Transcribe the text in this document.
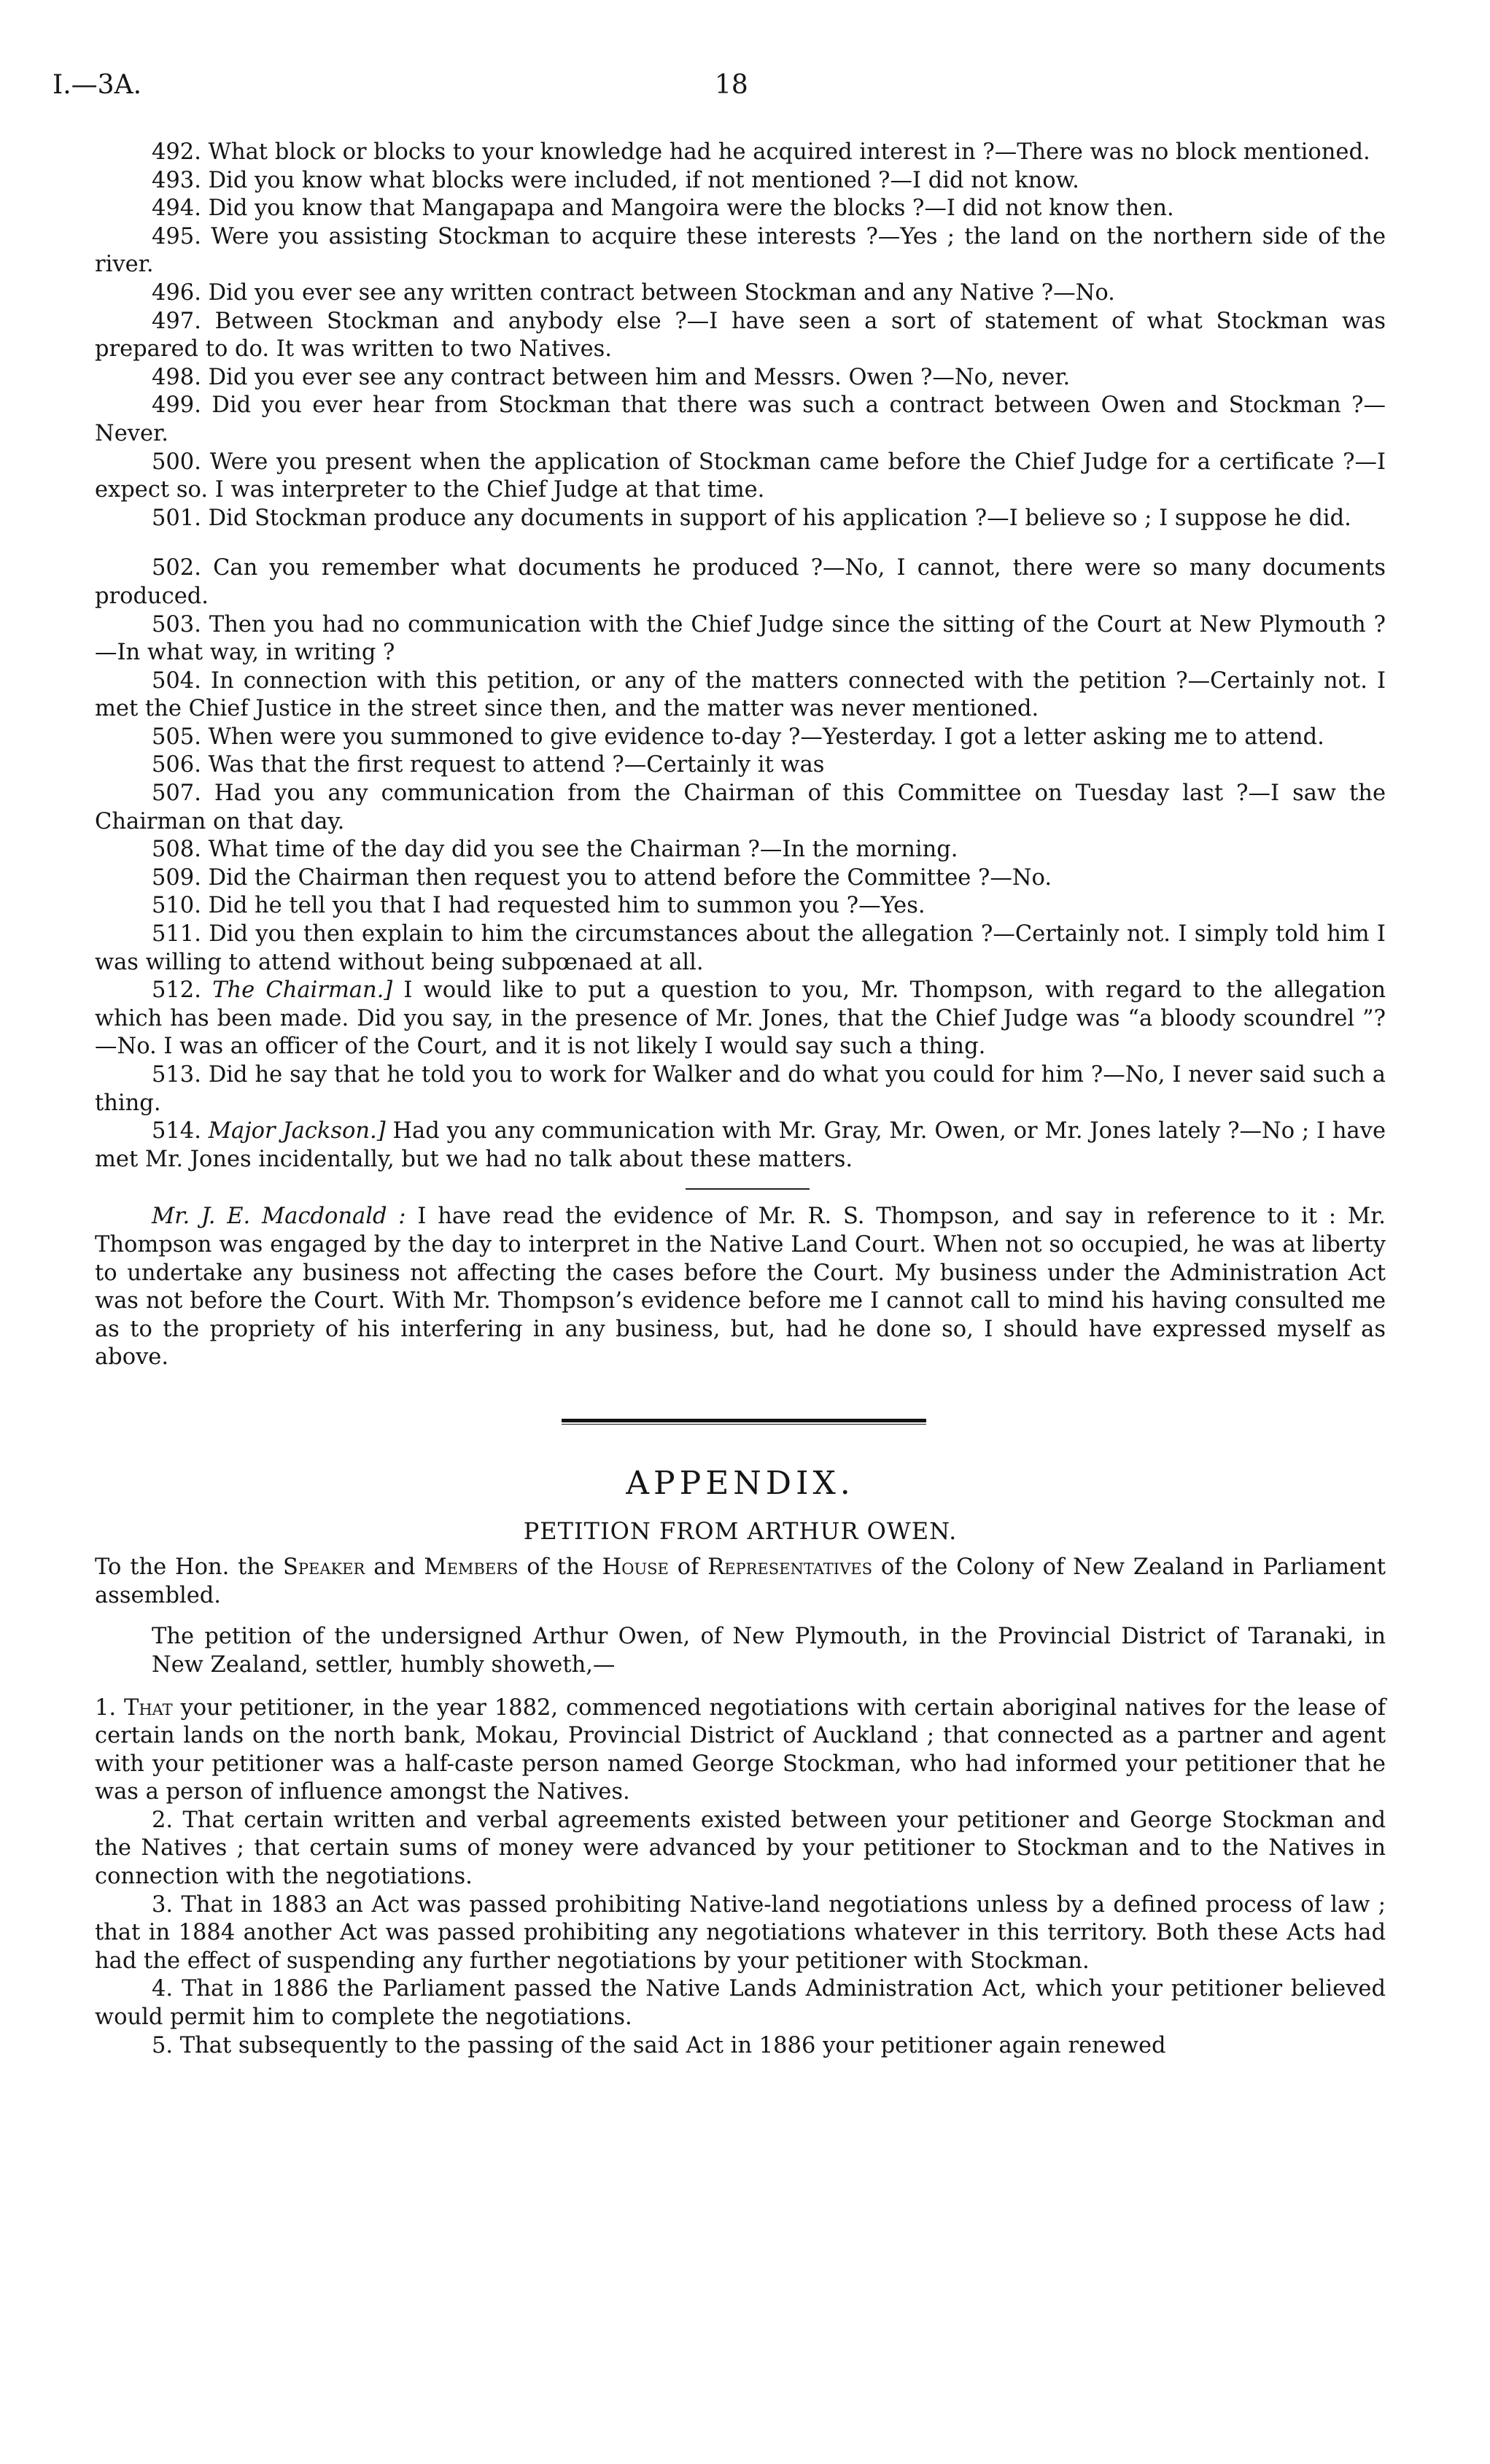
I.—3A.	18

492. What block or blocks to your knowledge had he acquired interest in ?—There was no block mentioned.

493. Did you know what blocks were included, if not mentioned ?—I did not know.

494. Did you know that Mangapapa and Mangoira were the blocks ?—I did not know then.

495. Were you assisting Stockman to acquire these interests ?—Yes ; the land on the northern side of the river.

496. Did you ever see any written contract between Stockman and any Native ?—No.

497. Between Stockman and anybody else ?—I have seen a sort of statement of what Stockman was prepared to do. It was written to two Natives.

498. Did you ever see any contract between him and Messrs. Owen ?—No, never.

499. Did you ever hear from Stockman that there was such a contract between Owen and Stockman ?—Never.

500. Were you present when the application of Stockman came before the Chief Judge for a certificate ?—I expect so. I was interpreter to the Chief Judge at that time.

501. Did Stockman produce any documents in support of his application ?—I believe so ; I suppose he did.

502. Can you remember what documents he produced ?—No, I cannot, there were so many documents produced.

503. Then you had no communication with the Chief Judge since the sitting of the Court at New Plymouth ?—In what way, in writing ?

504. In connection with this petition, or any of the matters connected with the petition ?—Certainly not. I met the Chief Justice in the street since then, and the matter was never mentioned.

505. When were you summoned to give evidence to-day ?—Yesterday. I got a letter asking me to attend.

506. Was that the first request to attend ?—Certainly it was

507. Had you any communication from the Chairman of this Committee on Tuesday last ?—I saw the Chairman on that day.

508. What time of the day did you see the Chairman ?—In the morning.

509. Did the Chairman then request you to attend before the Committee ?—No.

510. Did he tell you that I had requested him to summon you ?—Yes.

511. Did you then explain to him the circumstances about the allegation ?—Certainly not. I simply told him I was willing to attend without being subpœnaed at all.

512. The Chairman.] I would like to put a question to you, Mr. Thompson, with regard to the allegation which has been made. Did you say, in the presence of Mr. Jones, that the Chief Judge was “a bloody scoundrel ”?—No. I was an officer of the Court, and it is not likely I would say such a thing.

513. Did he say that he told you to work for Walker and do what you could for him ?—No, I never said such a thing.

514. Major Jackson.] Had you any communication with Mr. Gray, Mr. Owen, or Mr. Jones lately ?—No ; I have met Mr. Jones incidentally, but we had no talk about these matters.

Mr. J. E. Macdonald : I have read the evidence of Mr. R. S. Thompson, and say in reference to it : Mr. Thompson was engaged by the day to interpret in the Native Land Court. When not so occupied, he was at liberty to undertake any business not affecting the cases before the Court. My business under the Administration Act was not before the Court. With Mr. Thompson’s evidence before me I cannot call to mind his having consulted me as to the propriety of his interfering in any business, but, had he done so, I should have expressed myself as above.

APPENDIX.
PETITION FROM ARTHUR OWEN.

To the Hon. the Speaker and Members of the House of Representatives of the Colony of New Zealand in Parliament assembled.

The petition of the undersigned Arthur Owen, of New Plymouth, in the Provincial District of Taranaki, in New Zealand, settler, humbly showeth,—

1. That your petitioner, in the year 1882, commenced negotiations with certain aboriginal natives for the lease of certain lands on the north bank, Mokau, Provincial District of Auckland ; that connected as a partner and agent with your petitioner was a half-caste person named George Stockman, who had informed your petitioner that he was a person of influence amongst the Natives.

2. That certain written and verbal agreements existed between your petitioner and George Stockman and the Natives ; that certain sums of money were advanced by your petitioner to Stockman and to the Natives in connection with the negotiations.

3. That in 1883 an Act was passed prohibiting Native-land negotiations unless by a defined process of law ; that in 1884 another Act was passed prohibiting any negotiations whatever in this territory. Both these Acts had had the effect of suspending any further negotiations by your petitioner with Stockman.

4. That in 1886 the Parliament passed the Native Lands Administration Act, which your petitioner believed would permit him to complete the negotiations.

5. That subsequently to the passing of the said Act in 1886 your petitioner again renewed
